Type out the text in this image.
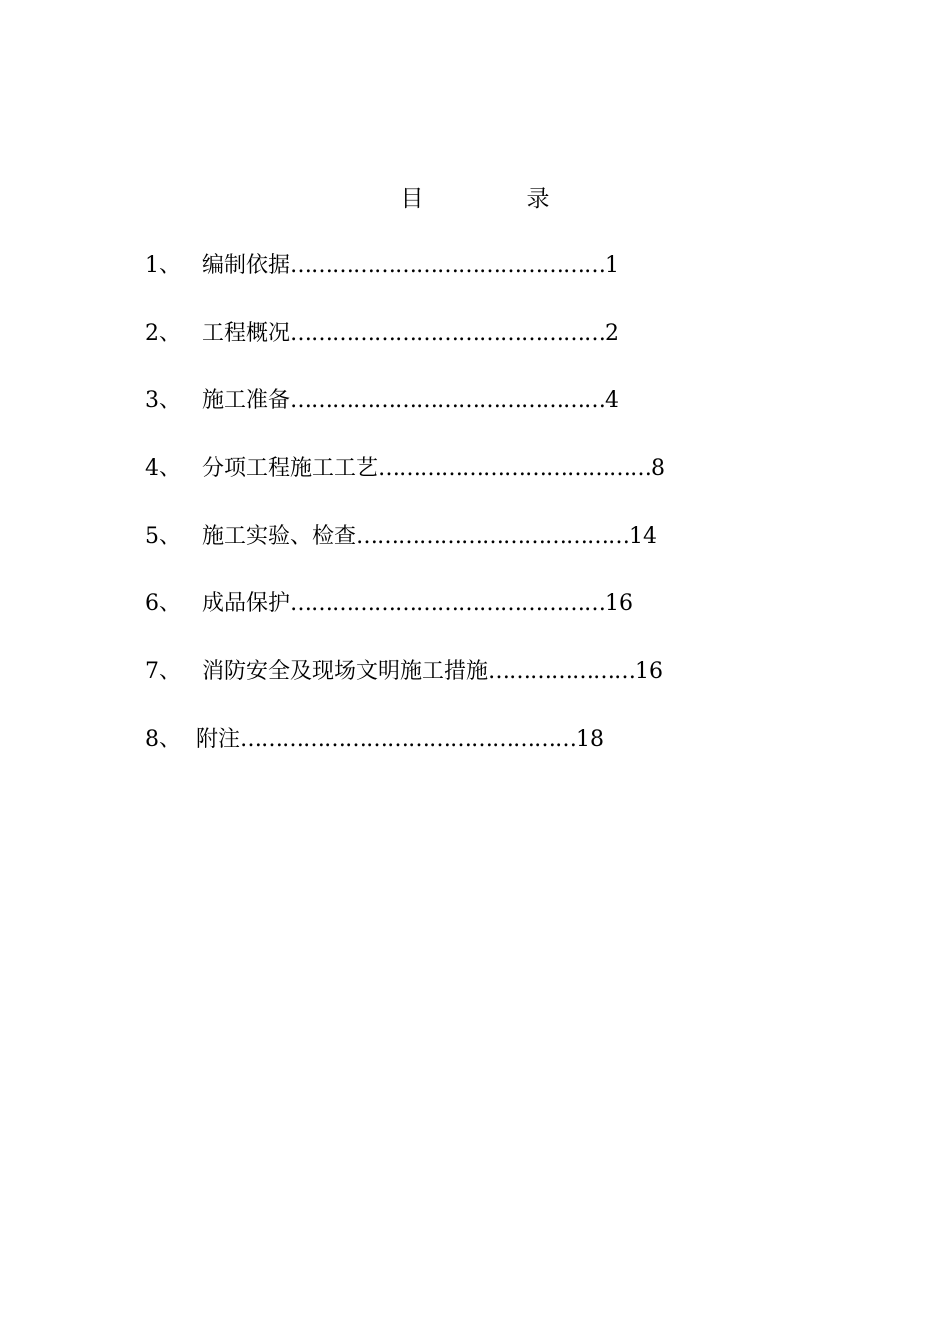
目　录
1、 编制依据………………………………………1
2、 工程概况………………………………………2
3、 施工准备………………………………………4
4、 分项工程施工工艺…………………………………8
5、 施工实验、检查…………………………………14
6、 成品保护………………………………………16
7、 消防安全及现场文明施工措施…………………16
8、 附注…………………………………………18
